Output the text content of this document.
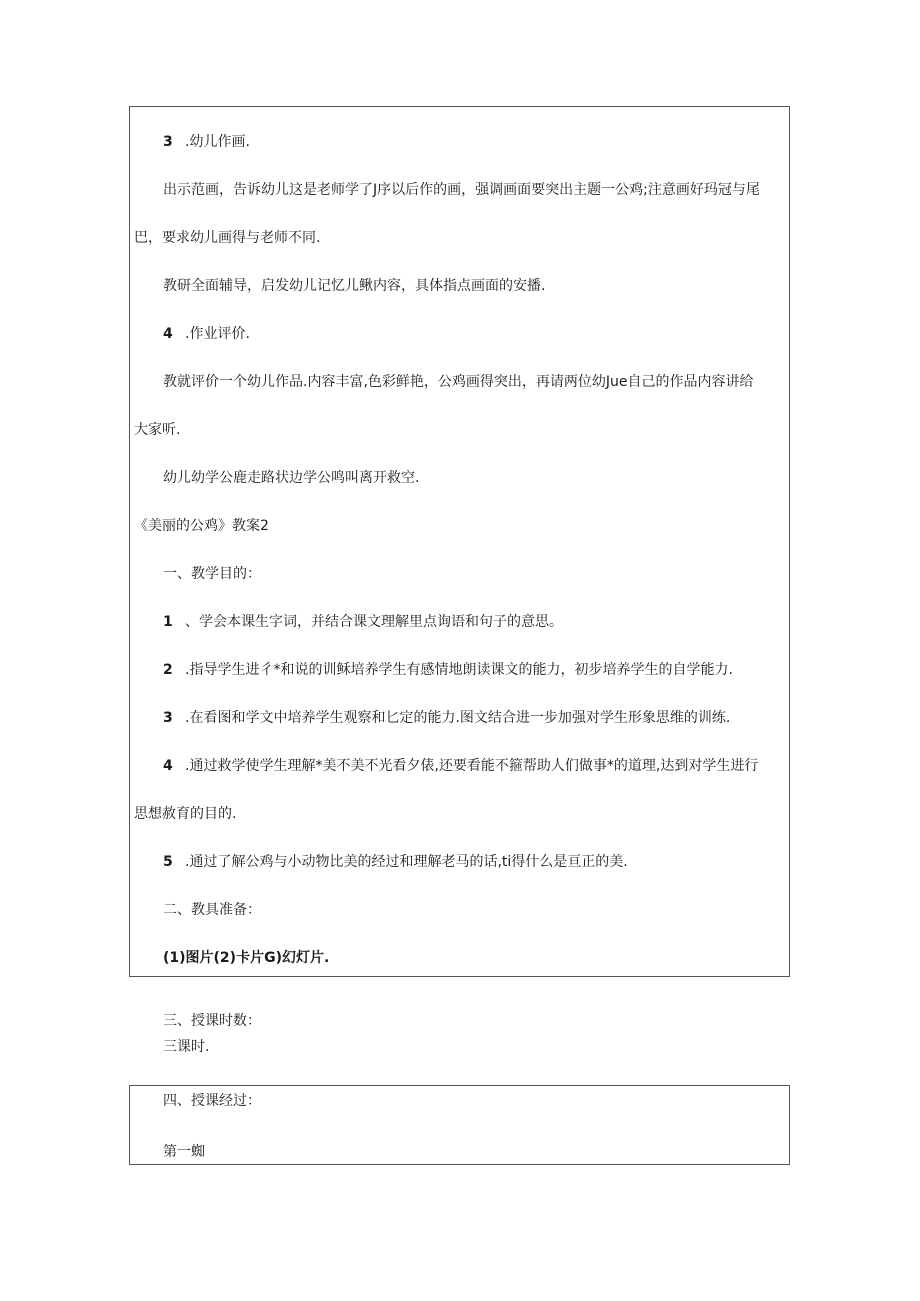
3 .幼儿作画.
出示范画，告诉幼儿这是老师学了J序以后作的画，强调画面要突出主题一公鸡;注意画好玛冠与尾
巴，要求幼儿画得与老师不同.
教研全面辅导，启发幼儿记忆儿鳅内容，具体指点画面的安播.
4 .作业评价.
教就评价一个幼儿作品.内容丰富,色彩鲜艳，公鸡画得突出，再请两位幼Jue自己的作品内容讲给
大家听.
幼儿幼学公鹿走路状边学公鸣叫离开救空.
《美丽的公鸡》教案2
一、教学目的：
1 、学会本课生字词，并结合课文理解里点询语和句子的意思。
2 .指导学生进彳*和说的训稣培养学生有感情地朗读课文的能力，初步培养学生的自学能力.
3 .在看图和学文中培养学生观察和匕定的能力.图文结合进一步加强对学生形象思维的训练.
4 .通过救学使学生理解*美不美不光看夕俵,还要看能不箍帮助人们做事*的道理,达到对学生进行
思想赦育的目的.
5 .通过了解公鸡与小动物比美的经过和理解老马的话,ti得什么是亘正的美.
二、教具准备：
(1)图片(2)卡片G)幻灯片.
三、授课时数：
三课时.
四、授课经过：
第一蜘
